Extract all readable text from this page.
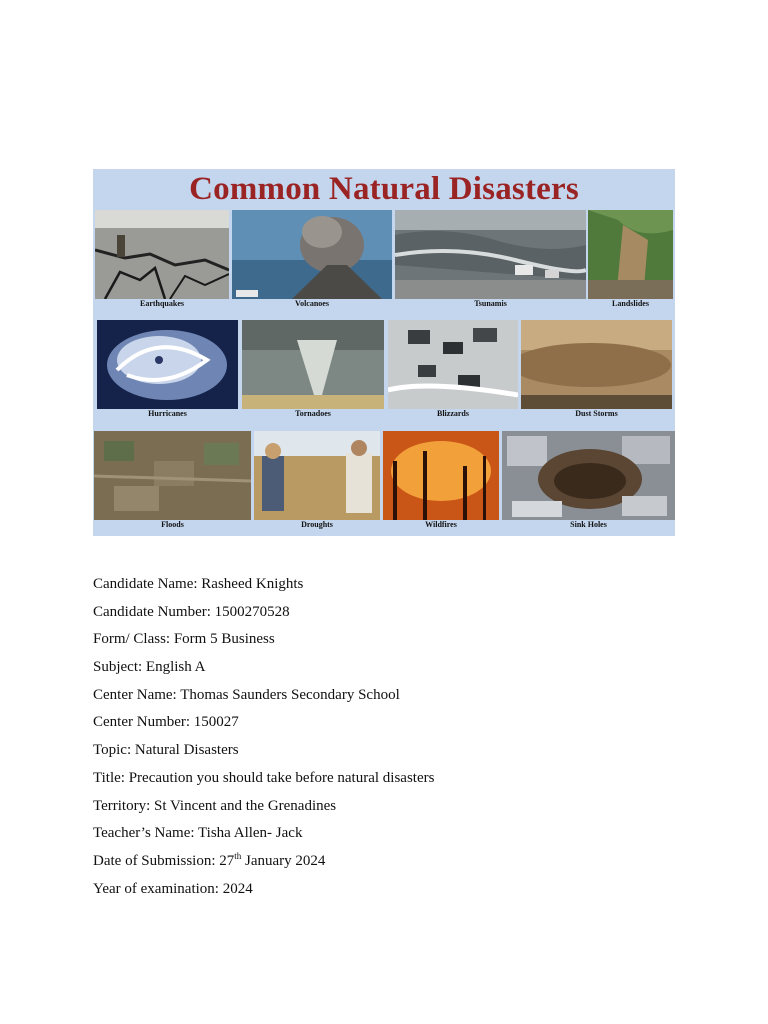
Common Natural Disasters
Earthquakes	Volcanoes	Tsunamis	Landslides
Hurricanes	Tornadoes	Blizzards	Dust Storms
Floods	Droughts	Wildfires	Sink Holes
Candidate Name: Rasheed Knights
Candidate Number: 1500270528
Form/ Class: Form 5 Business
Subject: English A
Center Name: Thomas Saunders Secondary School
Center Number: 150027
Topic: Natural Disasters
Title: Precaution you should take before natural disasters
Territory: St Vincent and the Grenadines
Teacher’s Name: Tisha Allen- Jack
Date of Submission: 27th January 2024
Year of examination: 2024
